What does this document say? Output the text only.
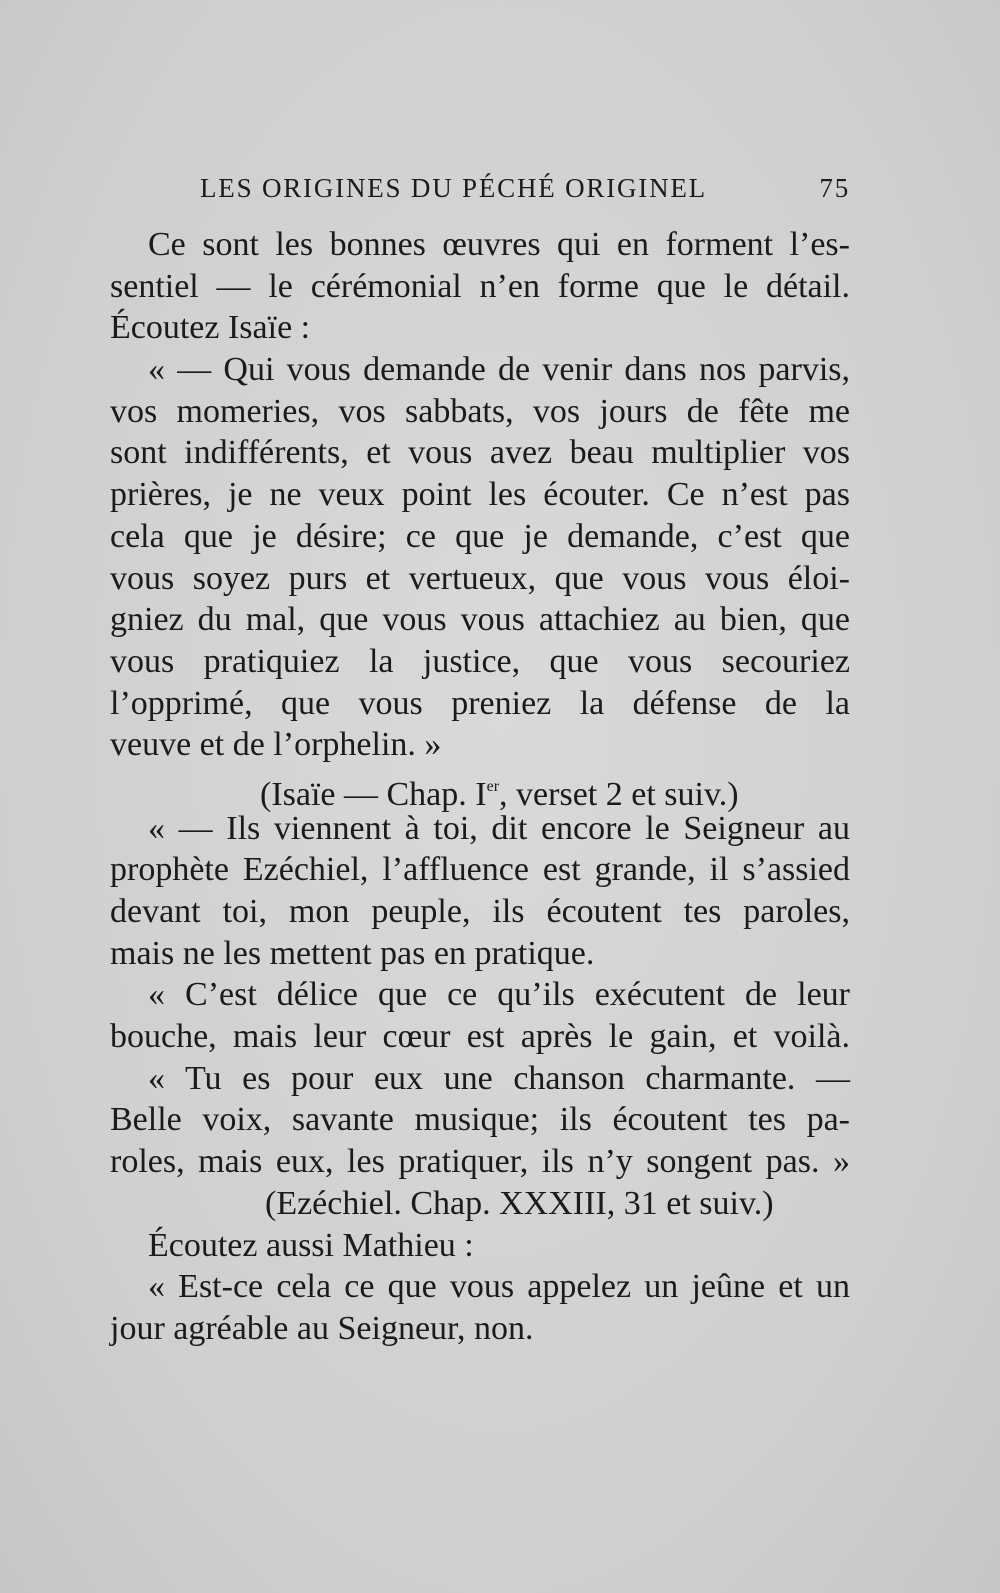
LES ORIGINES DU PÉCHÉ ORIGINEL	75
Ce sont les bonnes œuvres qui en forment l’es-
sentiel — le cérémonial n’en forme que le détail.
Écoutez Isaïe :
« — Qui vous demande de venir dans nos parvis,
vos momeries, vos sabbats, vos jours de fête me
sont indifférents, et vous avez beau multiplier vos
prières, je ne veux point les écouter. Ce n’est pas
cela que je désire; ce que je demande, c’est que
vous soyez purs et vertueux, que vous vous éloi-
gniez du mal, que vous vous attachiez au bien, que
vous pratiquiez la justice, que vous secouriez
l’opprimé, que vous preniez la défense de la
veuve et de l’orphelin. »
(Isaïe — Chap. Ier, verset 2 et suiv.)
« — Ils viennent à toi, dit encore le Seigneur au
prophète Ezéchiel, l’affluence est grande, il s’assied
devant toi, mon peuple, ils écoutent tes paroles,
mais ne les mettent pas en pratique.
« C’est délice que ce qu’ils exécutent de leur
bouche, mais leur cœur est après le gain, et voilà.
« Tu es pour eux une chanson charmante. —
Belle voix, savante musique; ils écoutent tes pa-
roles, mais eux, les pratiquer, ils n’y songent pas. »
(Ezéchiel. Chap. XXXIII, 31 et suiv.)
Écoutez aussi Mathieu :
« Est-ce cela ce que vous appelez un jeûne et un
jour agréable au Seigneur, non.
